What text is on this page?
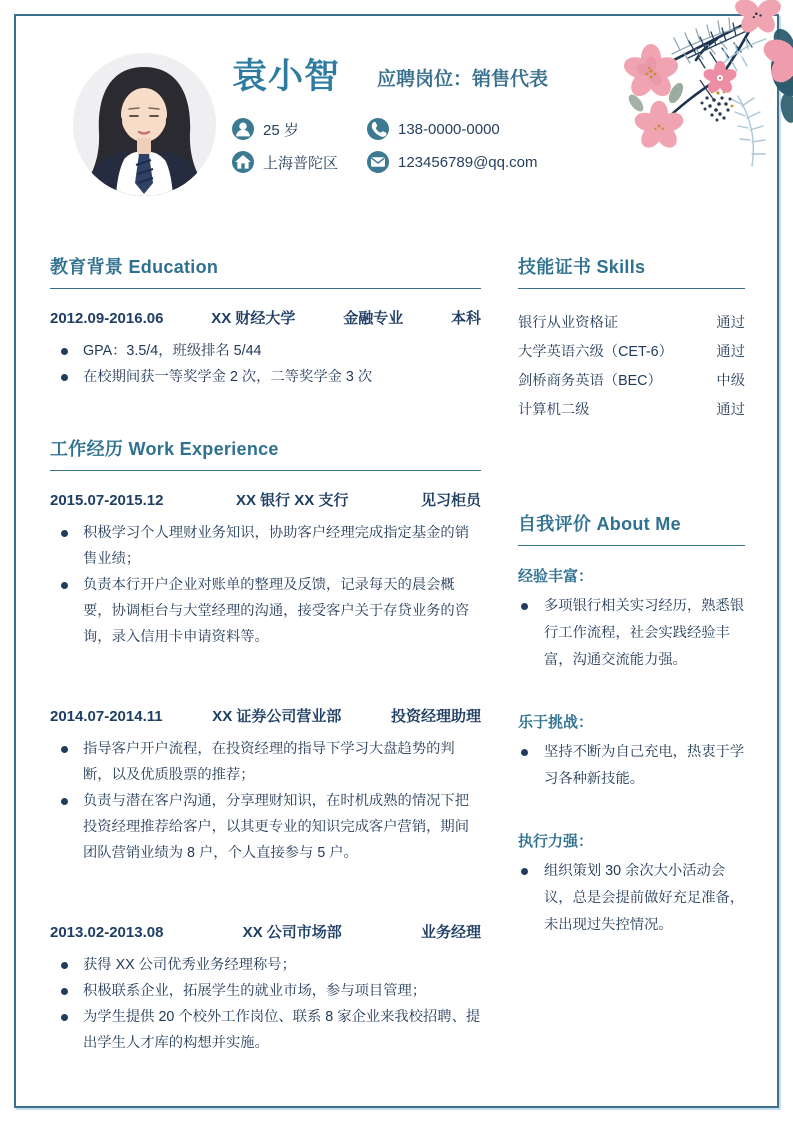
袁小智 应聘岗位：销售代表
25 岁	138-0000-0000
上海普陀区	123456789@qq.com
教育背景 Education
2012.09-2016.06	XX 财经大学	金融专业	本科
GPA：3.5/4，班级排名 5/44
在校期间获一等奖学金 2 次，二等奖学金 3 次
工作经历 Work Experience
2015.07-2015.12	XX 银行 XX 支行	见习柜员
积极学习个人理财业务知识，协助客户经理完成指定基金的销售业绩；
负责本行开户企业对账单的整理及反馈，记录每天的晨会概要，协调柜台与大堂经理的沟通，接受客户关于存贷业务的咨询，录入信用卡申请资料等。
2014.07-2014.11	XX 证券公司营业部	投资经理助理
指导客户开户流程，在投资经理的指导下学习大盘趋势的判断，以及优质股票的推荐；
负责与潜在客户沟通，分享理财知识，在时机成熟的情况下把投资经理推荐给客户，以其更专业的知识完成客户营销，期间团队营销业绩为 8 户，个人直接参与 5 户。
2013.02-2013.08	XX 公司市场部	业务经理
获得 XX 公司优秀业务经理称号；
积极联系企业，拓展学生的就业市场，参与项目管理；
为学生提供 20 个校外工作岗位、联系 8 家企业来我校招聘、提出学生人才库的构想并实施。
技能证书 Skills
银行从业资格证	通过
大学英语六级（CET-6）	通过
剑桥商务英语（BEC）	中级
计算机二级	通过
自我评价 About Me
经验丰富：
多项银行相关实习经历，熟悉银行工作流程，社会实践经验丰富，沟通交流能力强。
乐于挑战：
坚持不断为自己充电，热衷于学习各种新技能。
执行力强：
组织策划 30 余次大小活动会议，总是会提前做好充足准备，未出现过失控情况。
